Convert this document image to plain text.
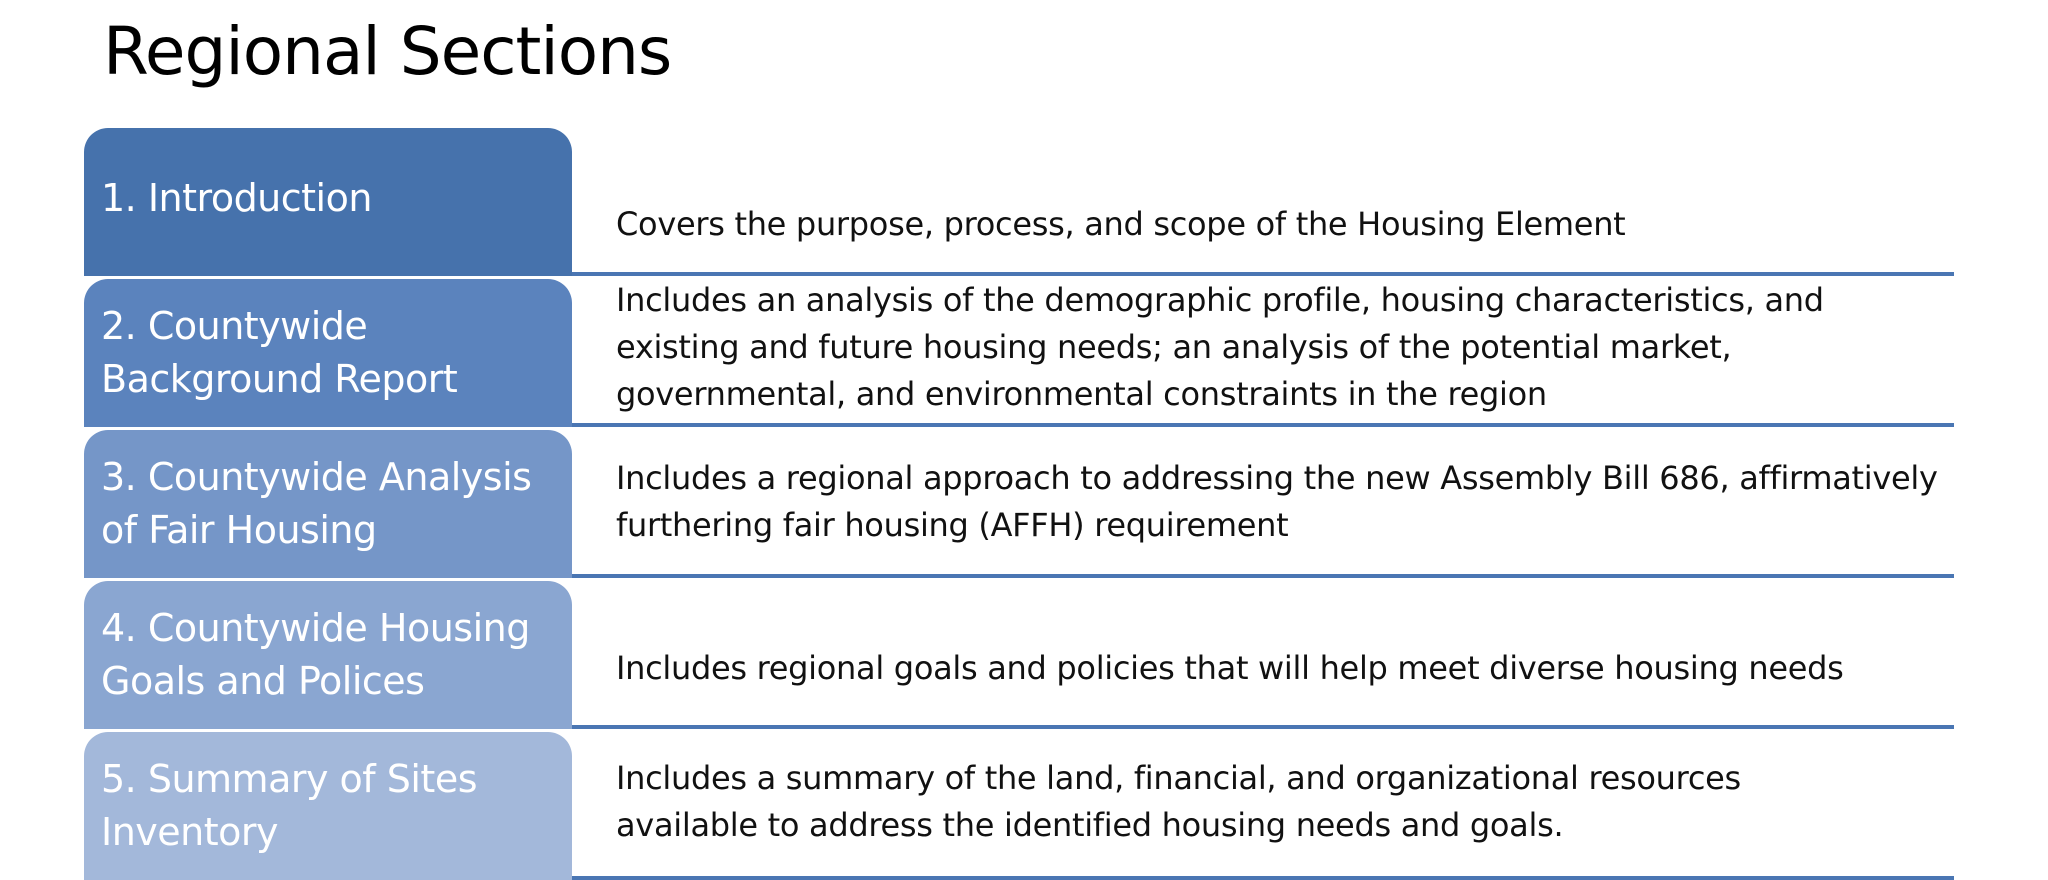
Regional Sections
1. Introduction
Covers the purpose, process, and scope of the Housing Element
2. Countywide Background Report
Includes an analysis of the demographic profile, housing characteristics, and existing and future housing needs; an analysis of the potential market, governmental, and environmental constraints in the region
3. Countywide Analysis of Fair Housing
Includes a regional approach to addressing the new Assembly Bill 686, affirmatively furthering fair housing (AFFH) requirement
4. Countywide Housing Goals and Polices	Includes regional goals and policies that will help meet diverse housing needs
5. Summary of Sites Inventory
Includes a summary of the land, financial, and organizational resources available to address the identified housing needs and goals.
